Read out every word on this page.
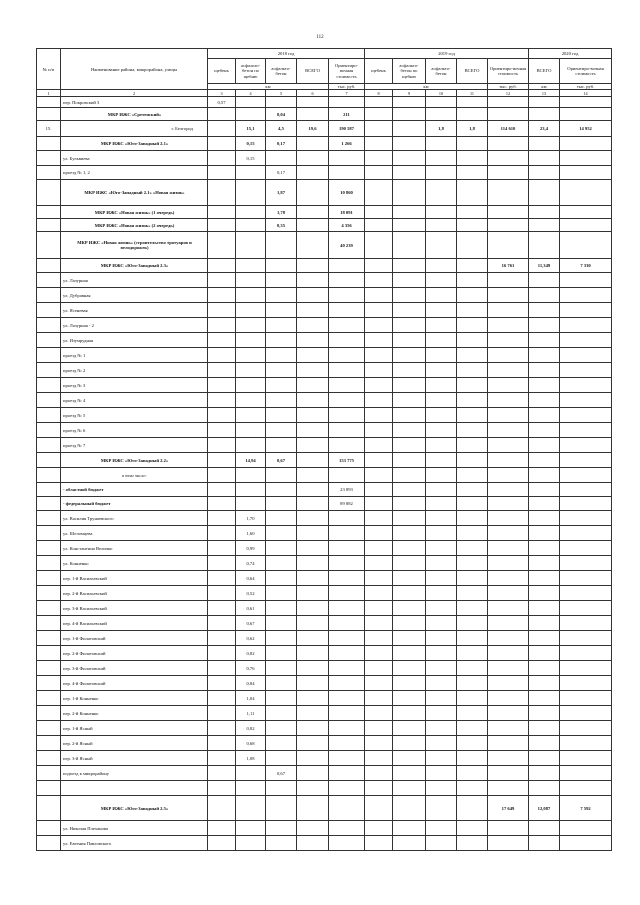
112
№ п/п	Наименование района, микрорайона, улицы	2018 год					2019 год					2020 год	
		щебень	асфальто-бетон по щебню	асфальто-бетон	ВСЕГО	Ориентиро-вочная стоимость	щебень	асфальто-бетон по щебню	асфальто-бетон	ВСЕГО	Ориентиро-вочная стоимость	ВСЕГО	Ориентиро-вочная стоимость
		км				тыс. руб.	км				тыс. руб.	км	тыс. руб.
1	2	3	4	5	6	7	8	9	10	11	12	13	14
	пер. Покровский 3	0,57											
	МКР ИЖС «Сретенский»			0,04		211							
15.	г. Белгород		15,1	4,5	19,6	190 587			1,8	1,8	114 610	23,4	14 952
	МКР ИЖС «Юго-Западный 2.1»		0,15	0,17		1 266							
	ул. Бульвиева		0,15										
	проезд № 1, 2			0,17									
	МКР ИЖС «Юго-Западный 2.1» «Новая жизнь»			1,87		10 860							
	МКР ИЖС «Новая жизнь» (1 очередь)			1,78		18 091							
	МКР ИЖС «Новая жизнь» (2 очередь)			0,35		4 356							
	МКР ИЖС «Новая жизнь» (строительство тротуаров и велодорожек)					40 239							
	МКР ИЖС «Юго-Западный 2.3»										16 761	11,349	7 330
	ул. Лазурная												
	ул. Дубравная												
	ул. Ясеневая												
	ул. Лазурная - 2												
	ул. Изумрудная												
	проезд № 1												
	проезд № 2												
	проезд № 3												
	проезд № 4												
	проезд № 5												
	проезд № 6												
	проезд № 7												
	МКР ИЖС «Юго-Западный 2.2»		14,94	0,67		153 775							
	в том числе:												
	- областной бюджет					23 893							
	- федеральный бюджет					89 882							
	ул. Василия Трунаевского		1,70										
	ул. Шеломцева		1,60										
	ул. Константина Величко		0,99										
	ул. Конненко		0,74										
	пер. 1-й Васильевский		0,64										
	пер. 2-й Васильевский		0,52										
	пер. 3-й Васильевский		0,61										
	пер. 4-й Васильевский		0,67										
	пер. 1-й Филатовский		0,62										
	пер. 2-й Филатовский		0,82										
	пер. 3-й Филатовский		0,76										
	пер. 4-й Филатовский		0,84										
	пер. 1-й Конненко		1,04										
	пер. 2-й Конненко		1,11										
	пер. 1-й Ясный		0,82										
	пер. 2-й Ясный		0,68										
	пер. 3-й Ясный		1,08										
	подъезд к микрорайону			0,67									

	МКР ИЖС «Юго-Западный 2.5»										17 649	12,087	7 592
	ул. Николая Плеханова												
	ул. Евгения Павловского												
